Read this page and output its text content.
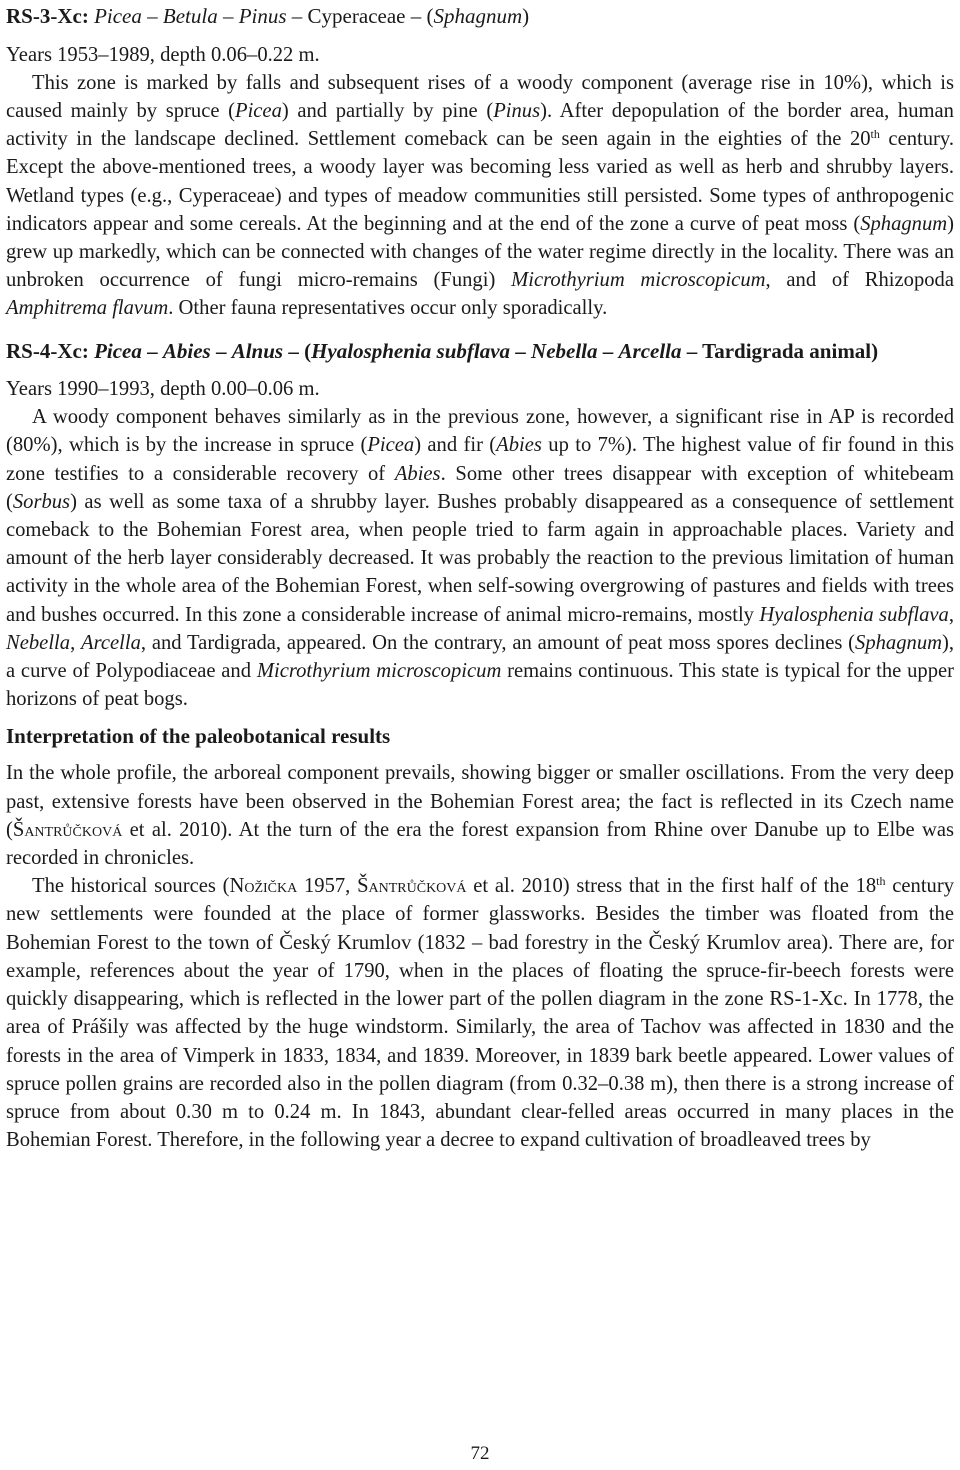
RS-3-Xc: Picea – Betula – Pinus – Cyperaceae – (Sphagnum)

Years 1953–1989, depth 0.06–0.22 m.

This zone is marked by falls and subsequent rises of a woody component (average rise in 10%), which is caused mainly by spruce (Picea) and partially by pine (Pinus). After depopulation of the border area, human activity in the landscape declined. Settlement comeback can be seen again in the eighties of the 20th century. Except the above-mentioned trees, a woody layer was becoming less varied as well as herb and shrubby layers. Wetland types (e.g., Cyperaceae) and types of meadow communities still persisted. Some types of anthropogenic indicators appear and some cereals. At the beginning and at the end of the zone a curve of peat moss (Sphagnum) grew up markedly, which can be connected with changes of the water regime directly in the locality. There was an unbroken occurrence of fungi micro-remains (Fungi) Microthyrium microscopicum, and of Rhizopoda Amphitrema flavum. Other fauna representatives occur only sporadically.

RS-4-Xc: Picea – Abies – Alnus – (Hyalosphenia subflava – Nebella – Arcella – Tardigrada animal)

Years 1990–1993, depth 0.00–0.06 m.

A woody component behaves similarly as in the previous zone, however, a significant rise in AP is recorded (80%), which is by the increase in spruce (Picea) and fir (Abies up to 7%). The highest value of fir found in this zone testifies to a considerable recovery of Abies. Some other trees disappear with exception of whitebeam (Sorbus) as well as some taxa of a shrubby layer. Bushes probably disappeared as a consequence of settlement comeback to the Bohemian Forest area, when people tried to farm again in approachable places. Variety and amount of the herb layer considerably decreased. It was probably the reaction to the previous limitation of human activity in the whole area of the Bohemian Forest, when self-sowing overgrowing of pastures and fields with trees and bushes occurred. In this zone a considerable increase of animal micro-remains, mostly Hyalosphenia subflava, Nebella, Arcella, and Tardigrada, appeared. On the contrary, an amount of peat moss spores declines (Sphagnum), a curve of Polypodiaceae and Microthyrium microscopicum remains continuous. This state is typical for the upper horizons of peat bogs.

Interpretation of the paleobotanical results

In the whole profile, the arboreal component prevails, showing bigger or smaller oscillations. From the very deep past, extensive forests have been observed in the Bohemian Forest area; the fact is reflected in its Czech name (Šantrůčková et al. 2010). At the turn of the era the forest expansion from Rhine over Danube up to Elbe was recorded in chronicles.

The historical sources (Nožička 1957, Šantrůčková et al. 2010) stress that in the first half of the 18th century new settlements were founded at the place of former glassworks. Besides the timber was floated from the Bohemian Forest to the town of Český Krumlov (1832 – bad forestry in the Český Krumlov area). There are, for example, references about the year of 1790, when in the places of floating the spruce-fir-beech forests were quickly disappearing, which is reflected in the lower part of the pollen diagram in the zone RS-1-Xc. In 1778, the area of Prášily was affected by the huge windstorm. Similarly, the area of Tachov was affected in 1830 and the forests in the area of Vimperk in 1833, 1834, and 1839. Moreover, in 1839 bark beetle appeared. Lower values of spruce pollen grains are recorded also in the pollen diagram (from 0.32–0.38 m), then there is a strong increase of spruce from about 0.30 m to 0.24 m. In 1843, abundant clear-felled areas occurred in many places in the Bohemian Forest. Therefore, in the following year a decree to expand cultivation of broadleaved trees by

72
